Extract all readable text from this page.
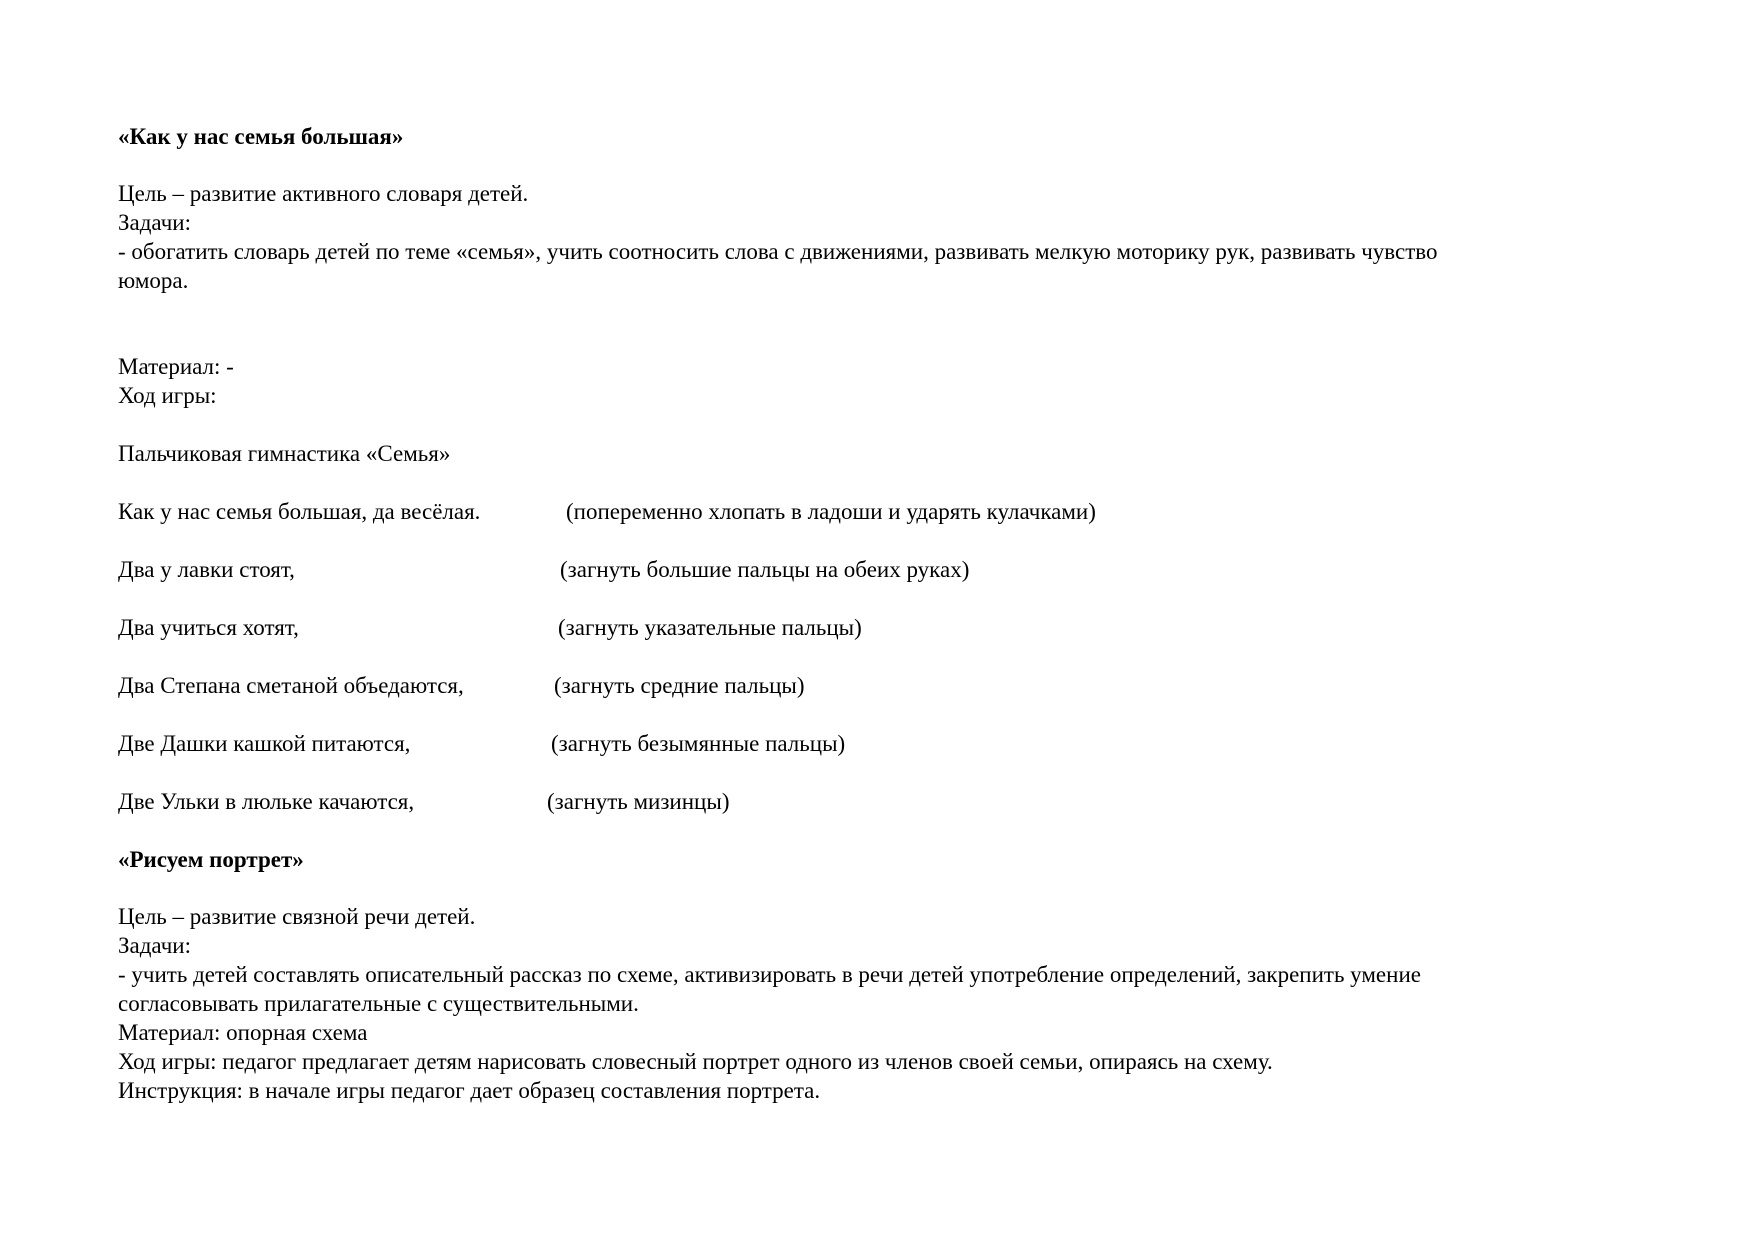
«Как у нас семья большая»
Цель – развитие активного словаря детей.
Задачи:
- обогатить словарь детей по теме «семья», учить соотносить слова с движениями, развивать мелкую моторику рук, развивать чувство
юмора.
Материал: -
Ход игры:
Пальчиковая гимнастика «Семья»
Как у нас семья большая, да весёлая.	(попеременно хлопать в ладоши и ударять кулачками)
Два у лавки стоят,	(загнуть большие пальцы на обеих руках)
Два учиться хотят,	(загнуть указательные пальцы)
Два Степана сметаной объедаются,	(загнуть средние пальцы)
Две Дашки кашкой питаются,	(загнуть безымянные пальцы)
Две Ульки в люльке качаются,	(загнуть мизинцы)
«Рисуем портрет»
Цель – развитие связной речи детей.
Задачи:
- учить детей составлять описательный рассказ по схеме, активизировать в речи детей употребление определений, закрепить умение
согласовывать прилагательные с существительными.
Материал: опорная схема
Ход игры: педагог предлагает детям нарисовать словесный портрет одного из членов своей семьи, опираясь на схему.
Инструкция: в начале игры педагог дает образец составления портрета.
